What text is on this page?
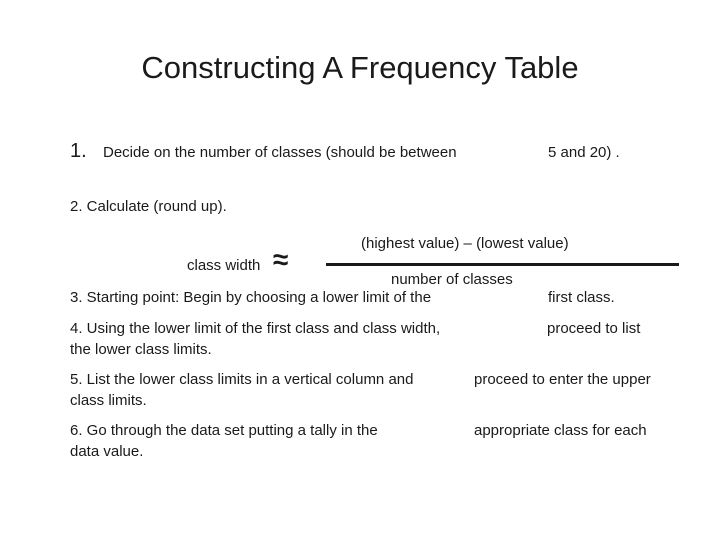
Constructing A Frequency Table
1. Decide on the number of classes (should be between	5 and 20) .
2. Calculate (round up).
class width ≈
(highest value) – (lowest value)
number of classes
3. Starting point: Begin by choosing a lower limit of the	first class.
4. Using the lower limit of the first class and class width,	proceed to list
the lower class limits.
5. List the lower class limits in a vertical column and	proceed to enter the upper
class limits.
6. Go through the data set putting a tally in the	appropriate class for each
data value.
